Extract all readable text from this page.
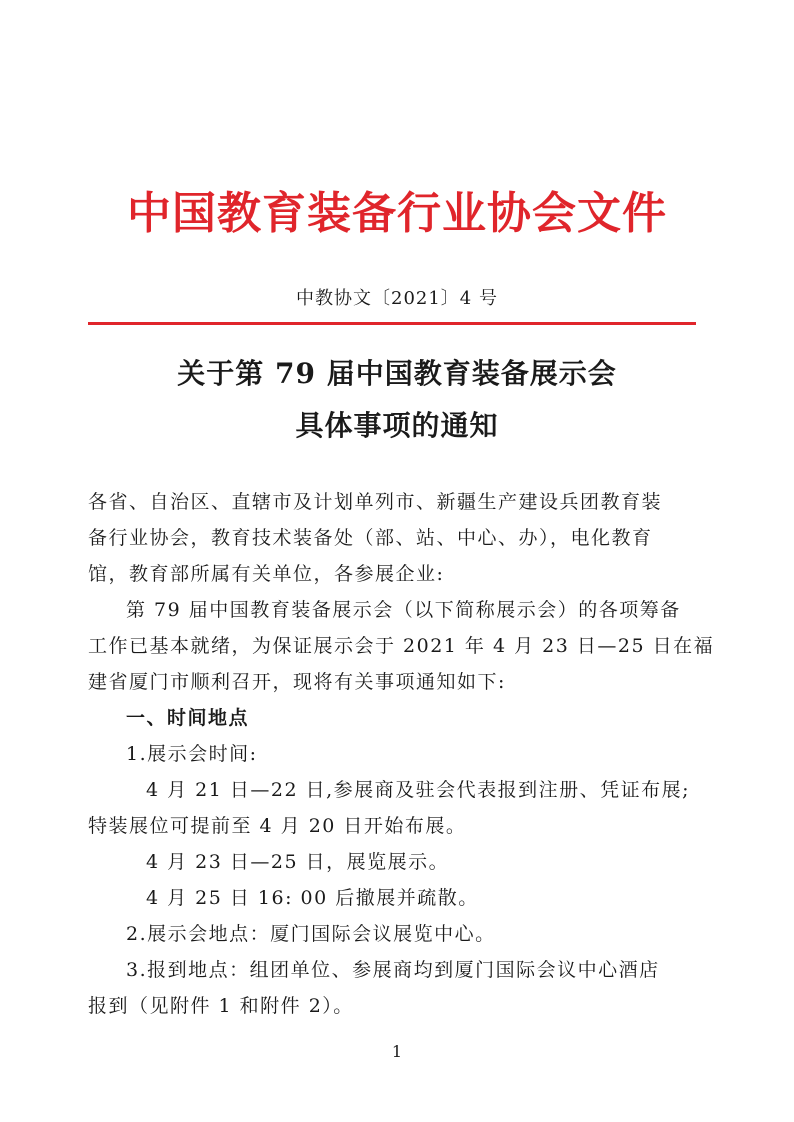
中国教育装备行业协会文件
中教协文〔2021〕4 号
关于第 79 届中国教育装备展示会
具体事项的通知
各省、自治区、直辖市及计划单列市、新疆生产建设兵团教育装
备行业协会，教育技术装备处（部、站、中心、办），电化教育
馆，教育部所属有关单位，各参展企业:
第 79 届中国教育装备展示会（以下简称展示会）的各项筹备
工作已基本就绪，为保证展示会于 2021 年 4 月 23 日—25 日在福
建省厦门市顺利召开，现将有关事项通知如下:
一、时间地点
1.展示会时间:
4 月 21 日—22 日,参展商及驻会代表报到注册、凭证布展;
特装展位可提前至 4 月 20 日开始布展。
4 月 23 日—25 日，展览展示。
4 月 25 日 16: 00 后撤展并疏散。
2.展示会地点：厦门国际会议展览中心。
3.报到地点：组团单位、参展商均到厦门国际会议中心酒店
报到（见附件 1 和附件 2）。
1
